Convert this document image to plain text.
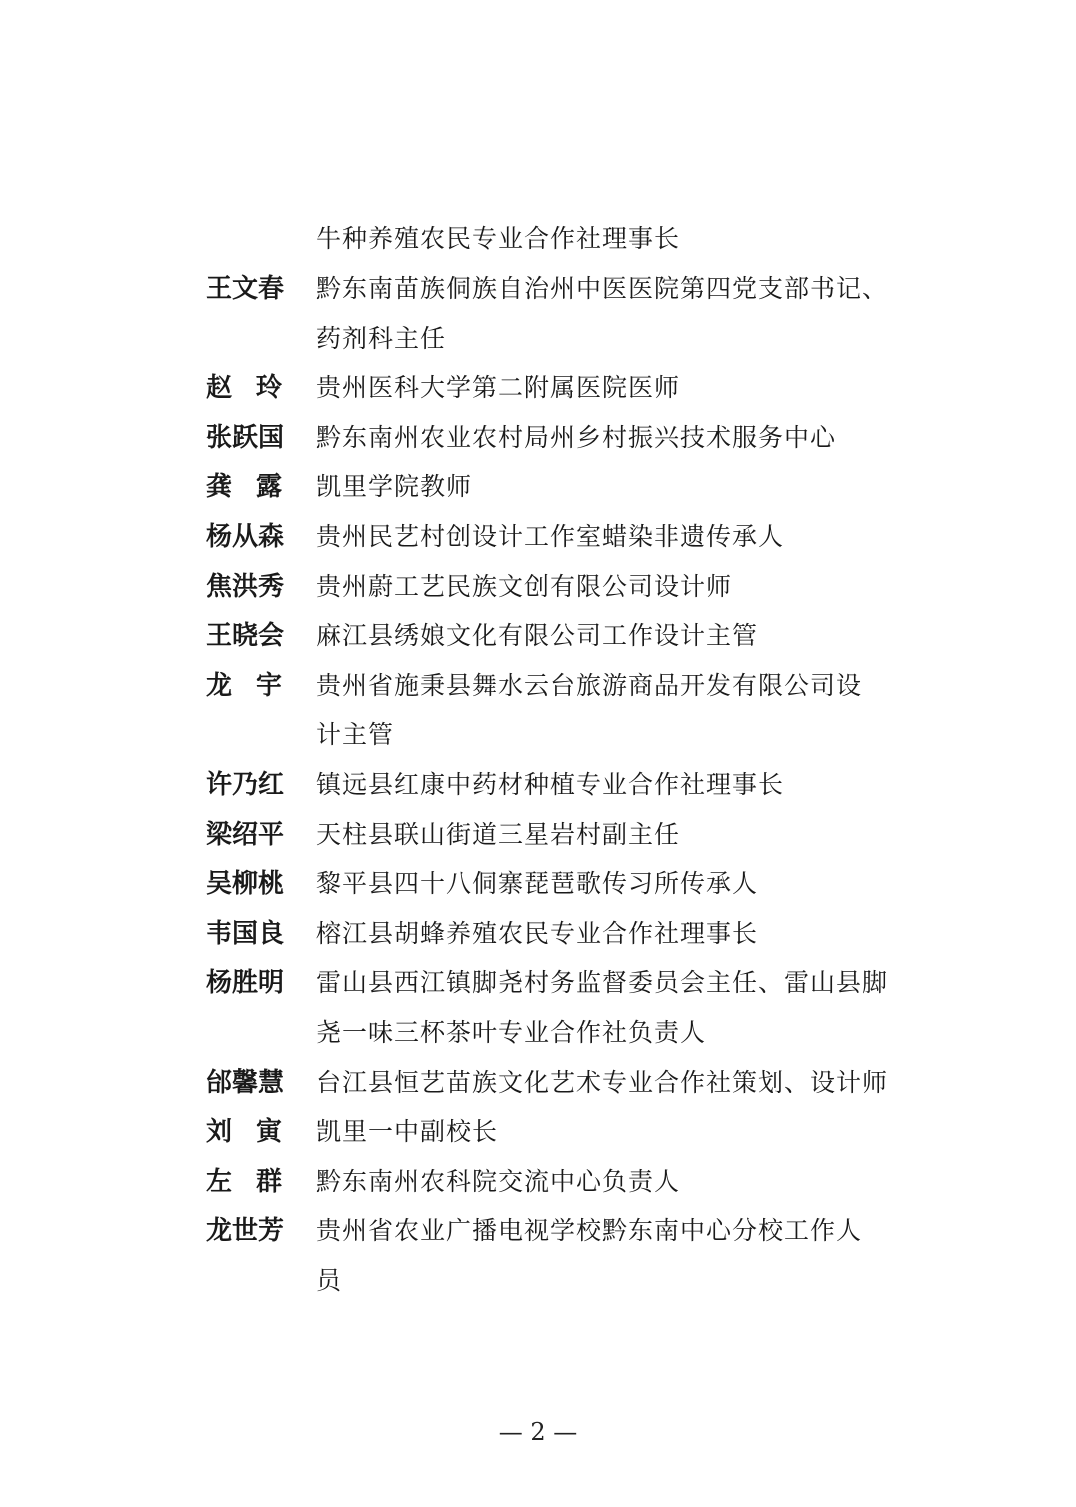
牛种养殖农民专业合作社理事长
王文春	黔东南苗族侗族自治州中医医院第四党支部书记、
药剂科主任
赵玲 贵州医科大学第二附属医院医师
张跃国	黔东南州农业农村局州乡村振兴技术服务中心
龚露 凯里学院教师
杨从森	贵州民艺村创设计工作室蜡染非遗传承人
焦洪秀	贵州蔚工艺民族文创有限公司设计师
王晓会	麻江县绣娘文化有限公司工作设计主管
龙宇 贵州省施秉县舞水云台旅游商品开发有限公司设
计主管
许乃红	镇远县红康中药材种植专业合作社理事长
梁绍平	天柱县联山街道三星岩村副主任
吴柳桃	黎平县四十八侗寨琵琶歌传习所传承人
韦国良	榕江县胡蜂养殖农民专业合作社理事长
杨胜明	雷山县西江镇脚尧村务监督委员会主任、雷山县脚
尧一味三杯茶叶专业合作社负责人
邰馨慧	台江县恒艺苗族文化艺术专业合作社策划、设计师
刘寅 凯里一中副校长
左群 黔东南州农科院交流中心负责人
龙世芳	贵州省农业广播电视学校黔东南中心分校工作人
员
— 2 —
